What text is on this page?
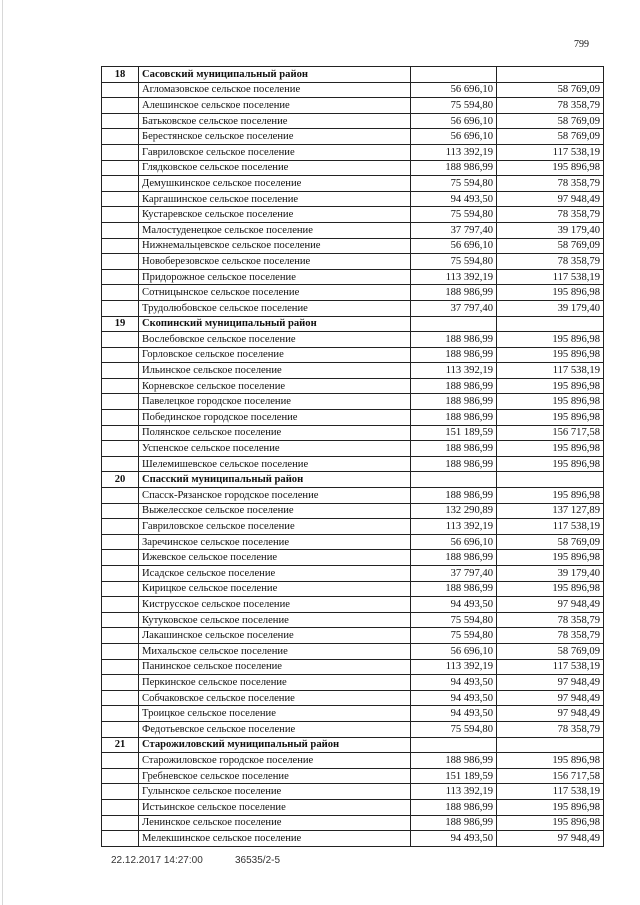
799
18	Сасовский муниципальный район		
	Агломазовское сельское поселение	56 696,10	58 769,09
	Алешинское сельское поселение	75 594,80	78 358,79
	Батьковское сельское поселение	56 696,10	58 769,09
	Берестянское сельское поселение	56 696,10	58 769,09
	Гавриловское сельское поселение	113 392,19	117 538,19
	Глядковское сельское поселение	188 986,99	195 896,98
	Демушкинское сельское поселение	75 594,80	78 358,79
	Каргашинское сельское поселение	94 493,50	97 948,49
	Кустаревское сельское поселение	75 594,80	78 358,79
	Малостуденецкое сельское поселение	37 797,40	39 179,40
	Нижнемальцевское сельское поселение	56 696,10	58 769,09
	Новоберезовское сельское поселение	75 594,80	78 358,79
	Придорожное сельское поселение	113 392,19	117 538,19
	Сотницынское сельское поселение	188 986,99	195 896,98
	Трудолюбовское сельское поселение	37 797,40	39 179,40
19	Скопинский муниципальный район		
	Вослебовское сельское поселение	188 986,99	195 896,98
	Горловское сельское поселение	188 986,99	195 896,98
	Ильинское сельское поселение	113 392,19	117 538,19
	Корневское сельское поселение	188 986,99	195 896,98
	Павелецкое городское поселение	188 986,99	195 896,98
	Побединское городское поселение	188 986,99	195 896,98
	Полянское сельское поселение	151 189,59	156 717,58
	Успенское сельское поселение	188 986,99	195 896,98
	Шелемишевское сельское поселение	188 986,99	195 896,98
20	Спасский муниципальный район		
	Спасск-Рязанское городское поселение	188 986,99	195 896,98
	Выжелесское сельское поселение	132 290,89	137 127,89
	Гавриловское сельское поселение	113 392,19	117 538,19
	Заречинское сельское поселение	56 696,10	58 769,09
	Ижевское сельское поселение	188 986,99	195 896,98
	Исадское сельское поселение	37 797,40	39 179,40
	Кирицкое сельское поселение	188 986,99	195 896,98
	Киструсское сельское поселение	94 493,50	97 948,49
	Кутуковское сельское поселение	75 594,80	78 358,79
	Лакашинское сельское поселение	75 594,80	78 358,79
	Михальское сельское поселение	56 696,10	58 769,09
	Панинское сельское поселение	113 392,19	117 538,19
	Перкинское сельское поселение	94 493,50	97 948,49
	Собчаковское сельское поселение	94 493,50	97 948,49
	Троицкое сельское поселение	94 493,50	97 948,49
	Федотьевское сельское поселение	75 594,80	78 358,79
21	Старожиловский муниципальный район		
	Старожиловское городское поселение	188 986,99	195 896,98
	Гребневское сельское поселение	151 189,59	156 717,58
	Гулынское сельское поселение	113 392,19	117 538,19
	Истьинское сельское поселение	188 986,99	195 896,98
	Ленинское сельское поселение	188 986,99	195 896,98
	Мелекшинское сельское поселение	94 493,50	97 948,49
22.12.2017 14:27:00	36535/2-5
